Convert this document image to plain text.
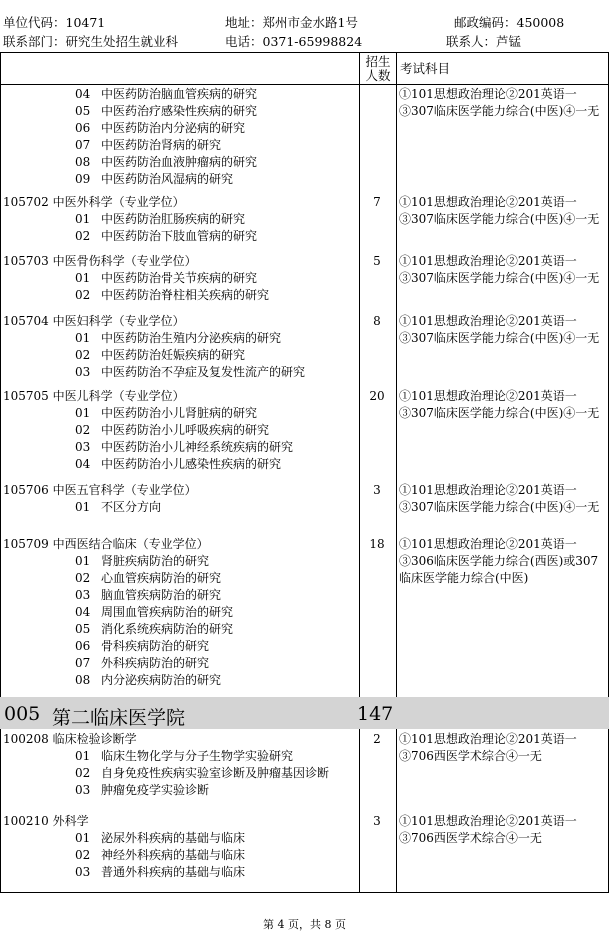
单位代码：10471	地址：郑州市金水路1号	邮政编码：450008
联系部门：研究生处招生就业科	电话：0371-65998824	联系人：芦锰
招生人数 考试科目
①101思想政治理论②201英语一③307临床医学能力综合(中医)④一无
04 中医药防治脑血管疾病的研究
05 中医药治疗感染性疾病的研究
06 中医药防治内分泌病的研究
07 中医药防治肾病的研究
08 中医药防治血液肿瘤病的研究
09 中医药防治风湿病的研究
105702 中医外科学（专业学位）	7	①101思想政治理论②201英语一③307临床医学能力综合(中医)④一无
01 中医药防治肛肠疾病的研究
02 中医药防治下肢血管病的研究
105703 中医骨伤科学（专业学位）	5	①101思想政治理论②201英语一③307临床医学能力综合(中医)④一无
01 中医药防治骨关节疾病的研究
02 中医药防治脊柱相关疾病的研究
105704 中医妇科学（专业学位）	8	①101思想政治理论②201英语一③307临床医学能力综合(中医)④一无
01 中医药防治生殖内分泌疾病的研究
02 中医药防治妊娠疾病的研究
03 中医药防治不孕症及复发性流产的研究
105705 中医儿科学（专业学位）	20	①101思想政治理论②201英语一③307临床医学能力综合(中医)④一无
01 中医药防治小儿肾脏病的研究
02 中医药防治小儿呼吸疾病的研究
03 中医药防治小儿神经系统疾病的研究
04 中医药防治小儿感染性疾病的研究
105706 中医五官科学（专业学位）	3	①101思想政治理论②201英语一③307临床医学能力综合(中医)④一无
01 不区分方向
105709 中西医结合临床（专业学位）	18	①101思想政治理论②201英语一③306临床医学能力综合(西医)或307临床医学能力综合(中医)
01 肾脏疾病防治的研究
02 心血管疾病防治的研究
03 脑血管疾病防治的研究
04 周围血管疾病防治的研究
05 消化系统疾病防治的研究
06 骨科疾病防治的研究
07 外科疾病防治的研究
08 内分泌疾病防治的研究
005 第二临床医学院	147
100208 临床检验诊断学	2	①101思想政治理论②201英语一③706西医学术综合④一无
01 临床生物化学与分子生物学实验研究
02 自身免疫性疾病实验室诊断及肿瘤基因诊断
03 肿瘤免疫学实验诊断
100210 外科学	3	①101思想政治理论②201英语一③706西医学术综合④一无
01 泌尿外科疾病的基础与临床
02 神经外科疾病的基础与临床
03 普通外科疾病的基础与临床
第 4 页，共 8 页
